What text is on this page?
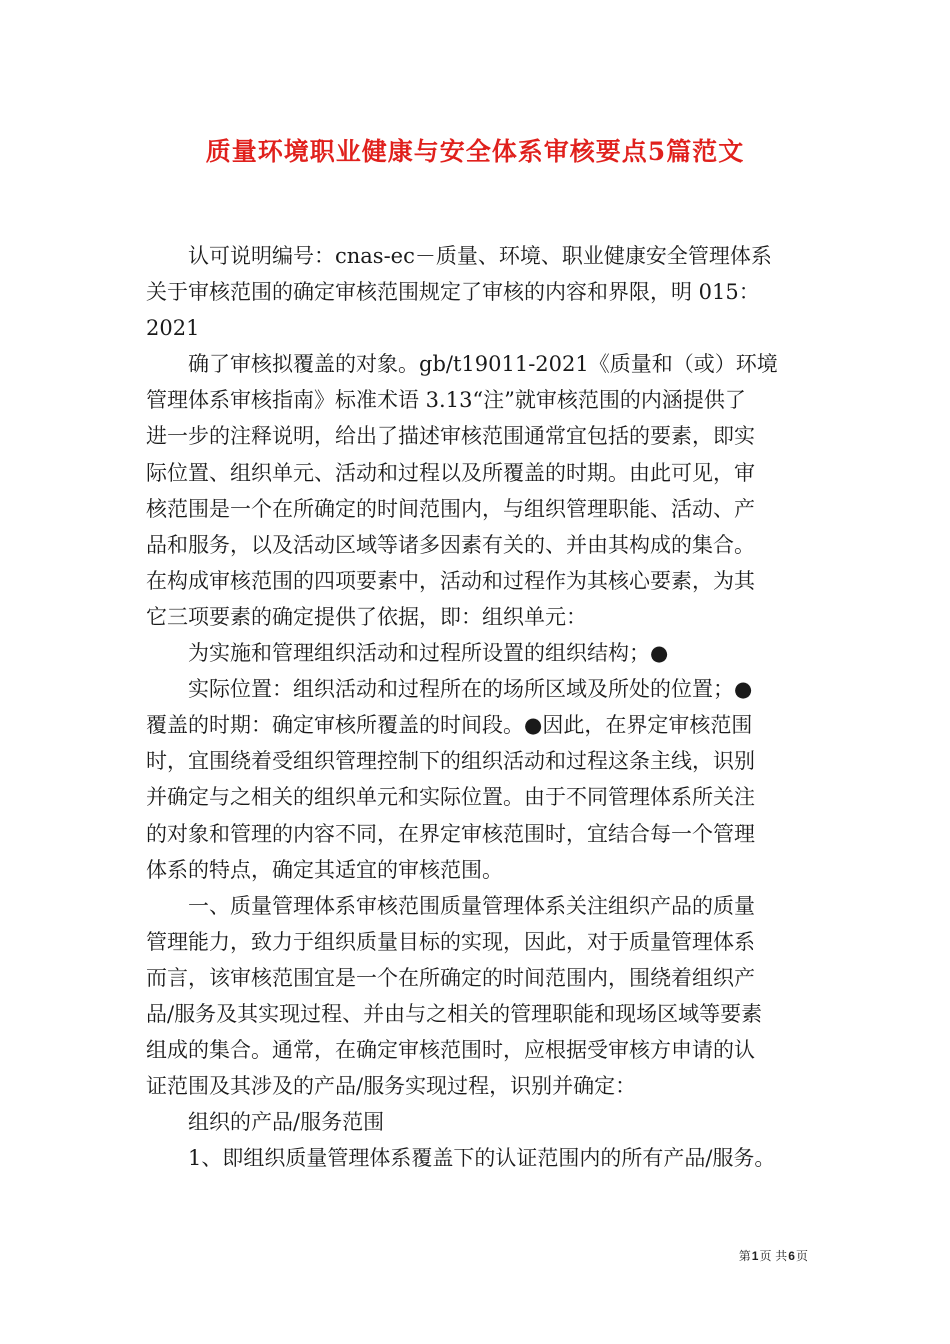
质量环境职业健康与安全体系审核要点5篇范文
认可说明编号：cnas-ec－质量、环境、职业健康安全管理体系
关于审核范围的确定审核范围规定了审核的内容和界限，明 015：
2021
确了审核拟覆盖的对象。gb/t19011-2021《质量和（或）环境
管理体系审核指南》标准术语 3.13“注”就审核范围的内涵提供了
进一步的注释说明，给出了描述审核范围通常宜包括的要素，即实
际位置、组织单元、活动和过程以及所覆盖的时期。由此可见，审
核范围是一个在所确定的时间范围内，与组织管理职能、活动、产
品和服务，以及活动区域等诸多因素有关的、并由其构成的集合。
在构成审核范围的四项要素中，活动和过程作为其核心要素，为其
它三项要素的确定提供了依据，即：组织单元：
为实施和管理组织活动和过程所设置的组织结构；●
实际位置：组织活动和过程所在的场所区域及所处的位置；●
覆盖的时期：确定审核所覆盖的时间段。●因此，在界定审核范围
时，宜围绕着受组织管理控制下的组织活动和过程这条主线，识别
并确定与之相关的组织单元和实际位置。由于不同管理体系所关注
的对象和管理的内容不同，在界定审核范围时，宜结合每一个管理
体系的特点，确定其适宜的审核范围。
一、质量管理体系审核范围质量管理体系关注组织产品的质量
管理能力，致力于组织质量目标的实现，因此，对于质量管理体系
而言，该审核范围宜是一个在所确定的时间范围内，围绕着组织产
品/服务及其实现过程、并由与之相关的管理职能和现场区域等要素
组成的集合。通常，在确定审核范围时，应根据受审核方申请的认
证范围及其涉及的产品/服务实现过程，识别并确定：
组织的产品/服务范围
1、即组织质量管理体系覆盖下的认证范围内的所有产品/服务。
第1页 共6页
